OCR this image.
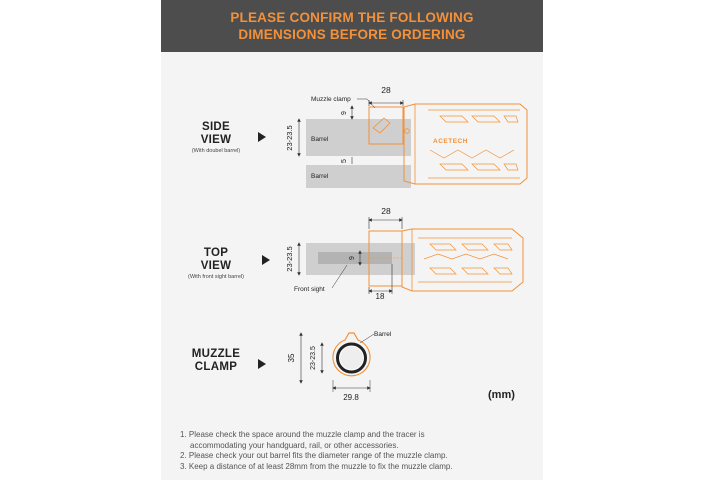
PLEASE CONFIRM THE FOLLOWING
DIMENSIONS BEFORE ORDERING
SIDE
VIEW
(With doubel barrel)
TOP
VIEW
(With front sight barrel)
MUZZLE
CLAMP
Barrel
Barrel
ACETECH
28
Muzzle clamp
9
23-23.5
5
28
23-23.5	9
18
Front sight
Barrel
35 23-23.5
29.8	(mm)
1. Please check the space around the muzzle clamp and the tracer is
accommodating your handguard, rail, or other accessories.
2. Please check your out barrel fits the diameter range of the muzzle clamp.
3. Keep a distance of at least 28mm from the muzzle to fix the muzzle clamp.
